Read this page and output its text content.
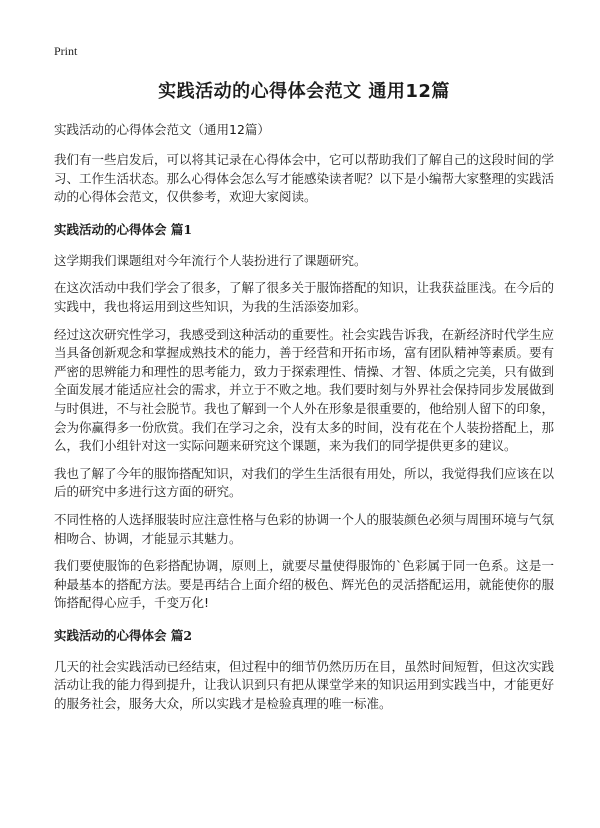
Print
实践活动的心得体会范文 通用12篇
实践活动的心得体会范文（通用12篇）

我们有一些启发后，可以将其记录在心得体会中，它可以帮助我们了解自己的这段时间的学习、工作生活状态。那么心得体会怎么写才能感染读者呢？以下是小编帮大家整理的实践活动的心得体会范文，仅供参考，欢迎大家阅读。

实践活动的心得体会 篇1

这学期我们课题组对今年流行个人装扮进行了课题研究。

在这次活动中我们学会了很多，了解了很多关于服饰搭配的知识，让我获益匪浅。在今后的实践中，我也将运用到这些知识，为我的生活添姿加彩。

经过这次研究性学习，我感受到这种活动的重要性。社会实践告诉我，在新经济时代学生应当具备创新观念和掌握成熟技术的能力，善于经营和开拓市场，富有团队精神等素质。要有严密的思辨能力和理性的思考能力，致力于探索理性、情操、才智、体质之完美，只有做到全面发展才能适应社会的需求，并立于不败之地。我们要时刻与外界社会保持同步发展做到与时俱进，不与社会脱节。我也了解到一个人外在形象是很重要的，他给别人留下的印象，会为你赢得多一份欣赏。我们在学习之余，没有太多的时间，没有花在个人装扮搭配上，那么，我们小组针对这一实际问题来研究这个课题，来为我们的同学提供更多的建议。

我也了解了今年的服饰搭配知识，对我们的学生生活很有用处，所以，我觉得我们应该在以后的研究中多进行这方面的研究。

不同性格的人选择服装时应注意性格与色彩的协调一个人的服装颜色必须与周围环境与气氛相吻合、协调，才能显示其魅力。

我们要使服饰的色彩搭配协调，原则上，就要尽量使得服饰的`色彩属于同一色系。这是一种最基本的搭配方法。要是再结合上面介绍的极色、辉光色的灵活搭配运用，就能使你的服饰搭配得心应手，千变万化!

实践活动的心得体会 篇2

几天的社会实践活动已经结束，但过程中的细节仍然历历在目，虽然时间短暂，但这次实践活动让我的能力得到提升，让我认识到只有把从课堂学来的知识运用到实践当中，才能更好的服务社会，服务大众，所以实践才是检验真理的唯一标准。
